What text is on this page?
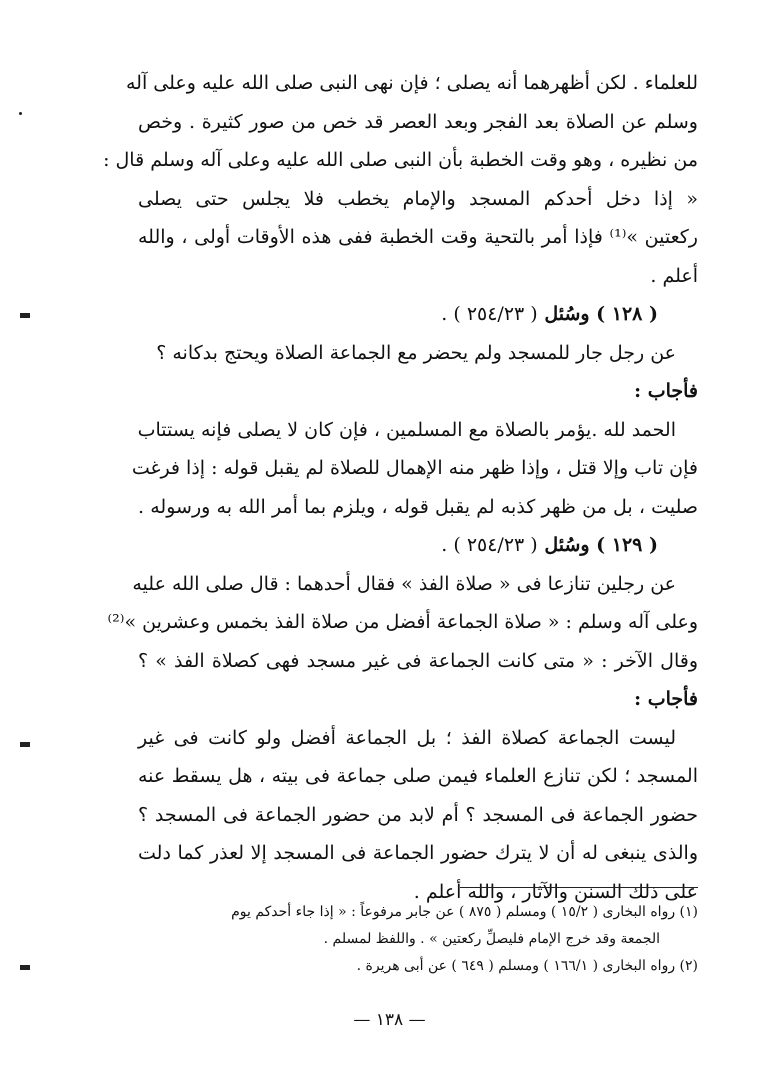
للعلماء . لكن أظهرهما أنه يصلى ؛ فإن نهى النبى صلى الله عليه وعلى آله
وسلم عن الصلاة بعد الفجر وبعد العصر قد خص من صور كثيرة . وخص
من نظيره ، وهو وقت الخطبة بأن النبى صلى الله عليه وعلى آله وسلم قال :
« إذا دخل أحدكم المسجد والإمام يخطب فلا يجلس حتى يصلى
ركعتين »⁽¹⁾ فإذا أمر بالتحية وقت الخطبة ففى هذه الأوقات أولى ، والله
أعلم .
( ١٢٨ ) وسُئل ( ٢٥٤/٢٣ ) .
عن رجل جار للمسجد ولم يحضر مع الجماعة الصلاة ويحتج بدكانه ؟
فأجاب :
الحمد لله .يؤمر بالصلاة مع المسلمين ، فإن كان لا يصلى فإنه يستتاب
فإن تاب وإلا قتل ، وإذا ظهر منه الإهمال للصلاة لم يقبل قوله : إذا فرغت
صليت ، بل من ظهر كذبه لم يقبل قوله ، ويلزم بما أمر الله به ورسوله .
( ١٢٩ ) وسُئل ( ٢٥٤/٢٣ ) .
عن رجلين تنازعا فى « صلاة الفذ » فقال أحدهما : قال صلى الله عليه
وعلى آله وسلم : « صلاة الجماعة أفضل من صلاة الفذ بخمس وعشرين »⁽²⁾
وقال الآخر : « متى كانت الجماعة فى غير مسجد فهى كصلاة الفذ » ؟
فأجاب :
ليست الجماعة كصلاة الفذ ؛ بل الجماعة أفضل ولو كانت فى غير
المسجد ؛ لكن تنازع العلماء فيمن صلى جماعة فى بيته ، هل يسقط عنه
حضور الجماعة فى المسجد ؟ أم لابد من حضور الجماعة فى المسجد ؟
والذى ينبغى له أن لا يترك حضور الجماعة فى المسجد إلا لعذر كما دلت
على ذلك السنن والآثار ، والله أعلم .
(١) رواه البخارى ( ١٥/٢ ) ومسلم ( ٨٧٥ ) عن جابر مرفوعاً : « إذا جاء أحدكم يوم
الجمعة وقد خرج الإمام فليصلِّ ركعتين » . واللفظ لمسلم .
(٢) رواه البخارى ( ١٦٦/١ ) ومسلم ( ٦٤٩ ) عن أبى هريرة .
— ١٣٨ —
